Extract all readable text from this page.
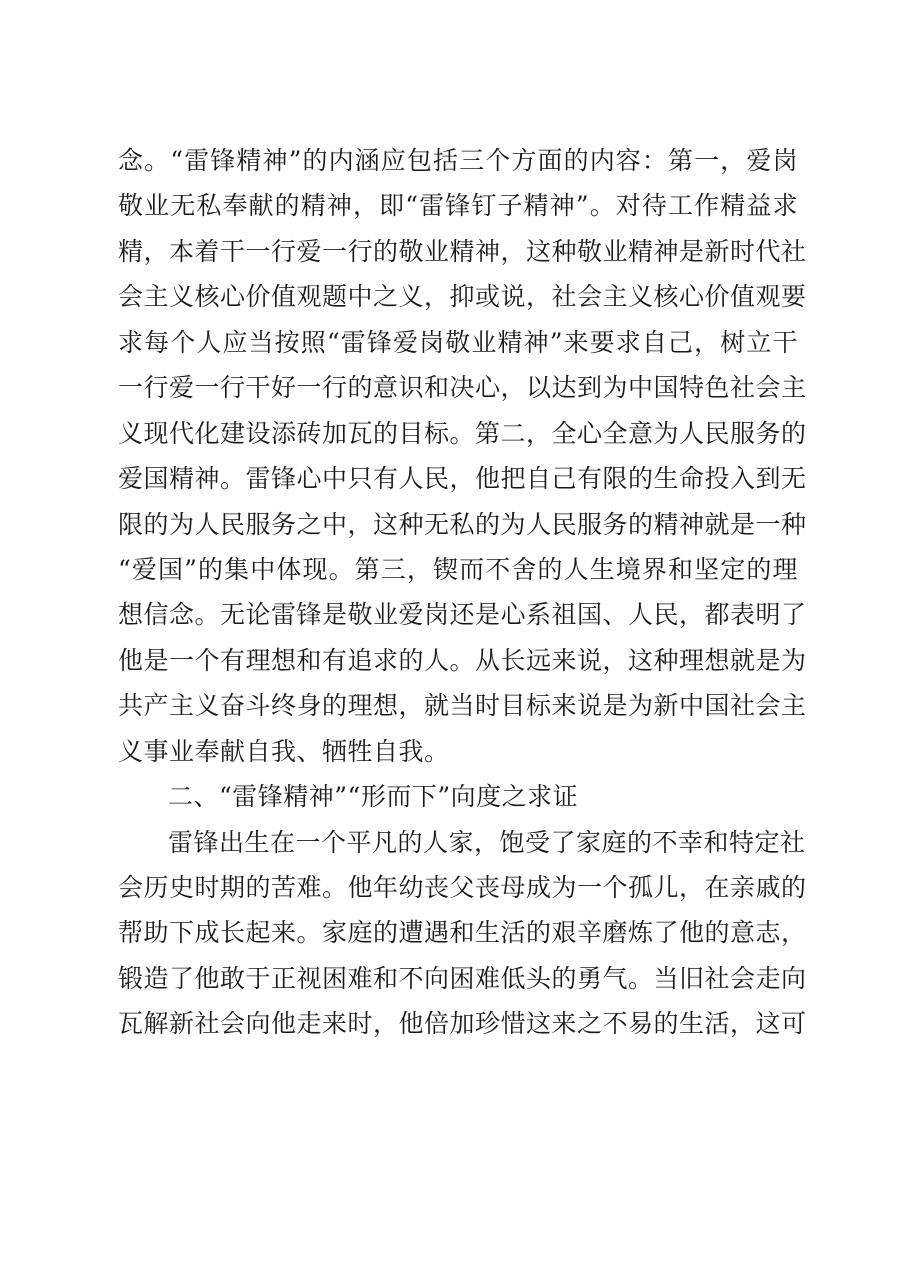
念。“雷锋精神”的内涵应包括三个方面的内容：第一，爱岗
敬业无私奉献的精神，即“雷锋钉子精神”。对待工作精益求
精，本着干一行爱一行的敬业精神，这种敬业精神是新时代社
会主义核心价值观题中之义，抑或说，社会主义核心价值观要
求每个人应当按照“雷锋爱岗敬业精神”来要求自己，树立干
一行爱一行干好一行的意识和决心，以达到为中国特色社会主
义现代化建设添砖加瓦的目标。第二，全心全意为人民服务的
爱国精神。雷锋心中只有人民，他把自己有限的生命投入到无
限的为人民服务之中，这种无私的为人民服务的精神就是一种
“爱国”的集中体现。第三，锲而不舍的人生境界和坚定的理
想信念。无论雷锋是敬业爱岗还是心系祖国、人民，都表明了
他是一个有理想和有追求的人。从长远来说，这种理想就是为
共产主义奋斗终身的理想，就当时目标来说是为新中国社会主
义事业奉献自我、牺牲自我。
二、“雷锋精神”“形而下”向度之求证
雷锋出生在一个平凡的人家，饱受了家庭的不幸和特定社
会历史时期的苦难。他年幼丧父丧母成为一个孤儿，在亲戚的
帮助下成长起来。家庭的遭遇和生活的艰辛磨炼了他的意志，
锻造了他敢于正视困难和不向困难低头的勇气。当旧社会走向
瓦解新社会向他走来时，他倍加珍惜这来之不易的生活，这可
